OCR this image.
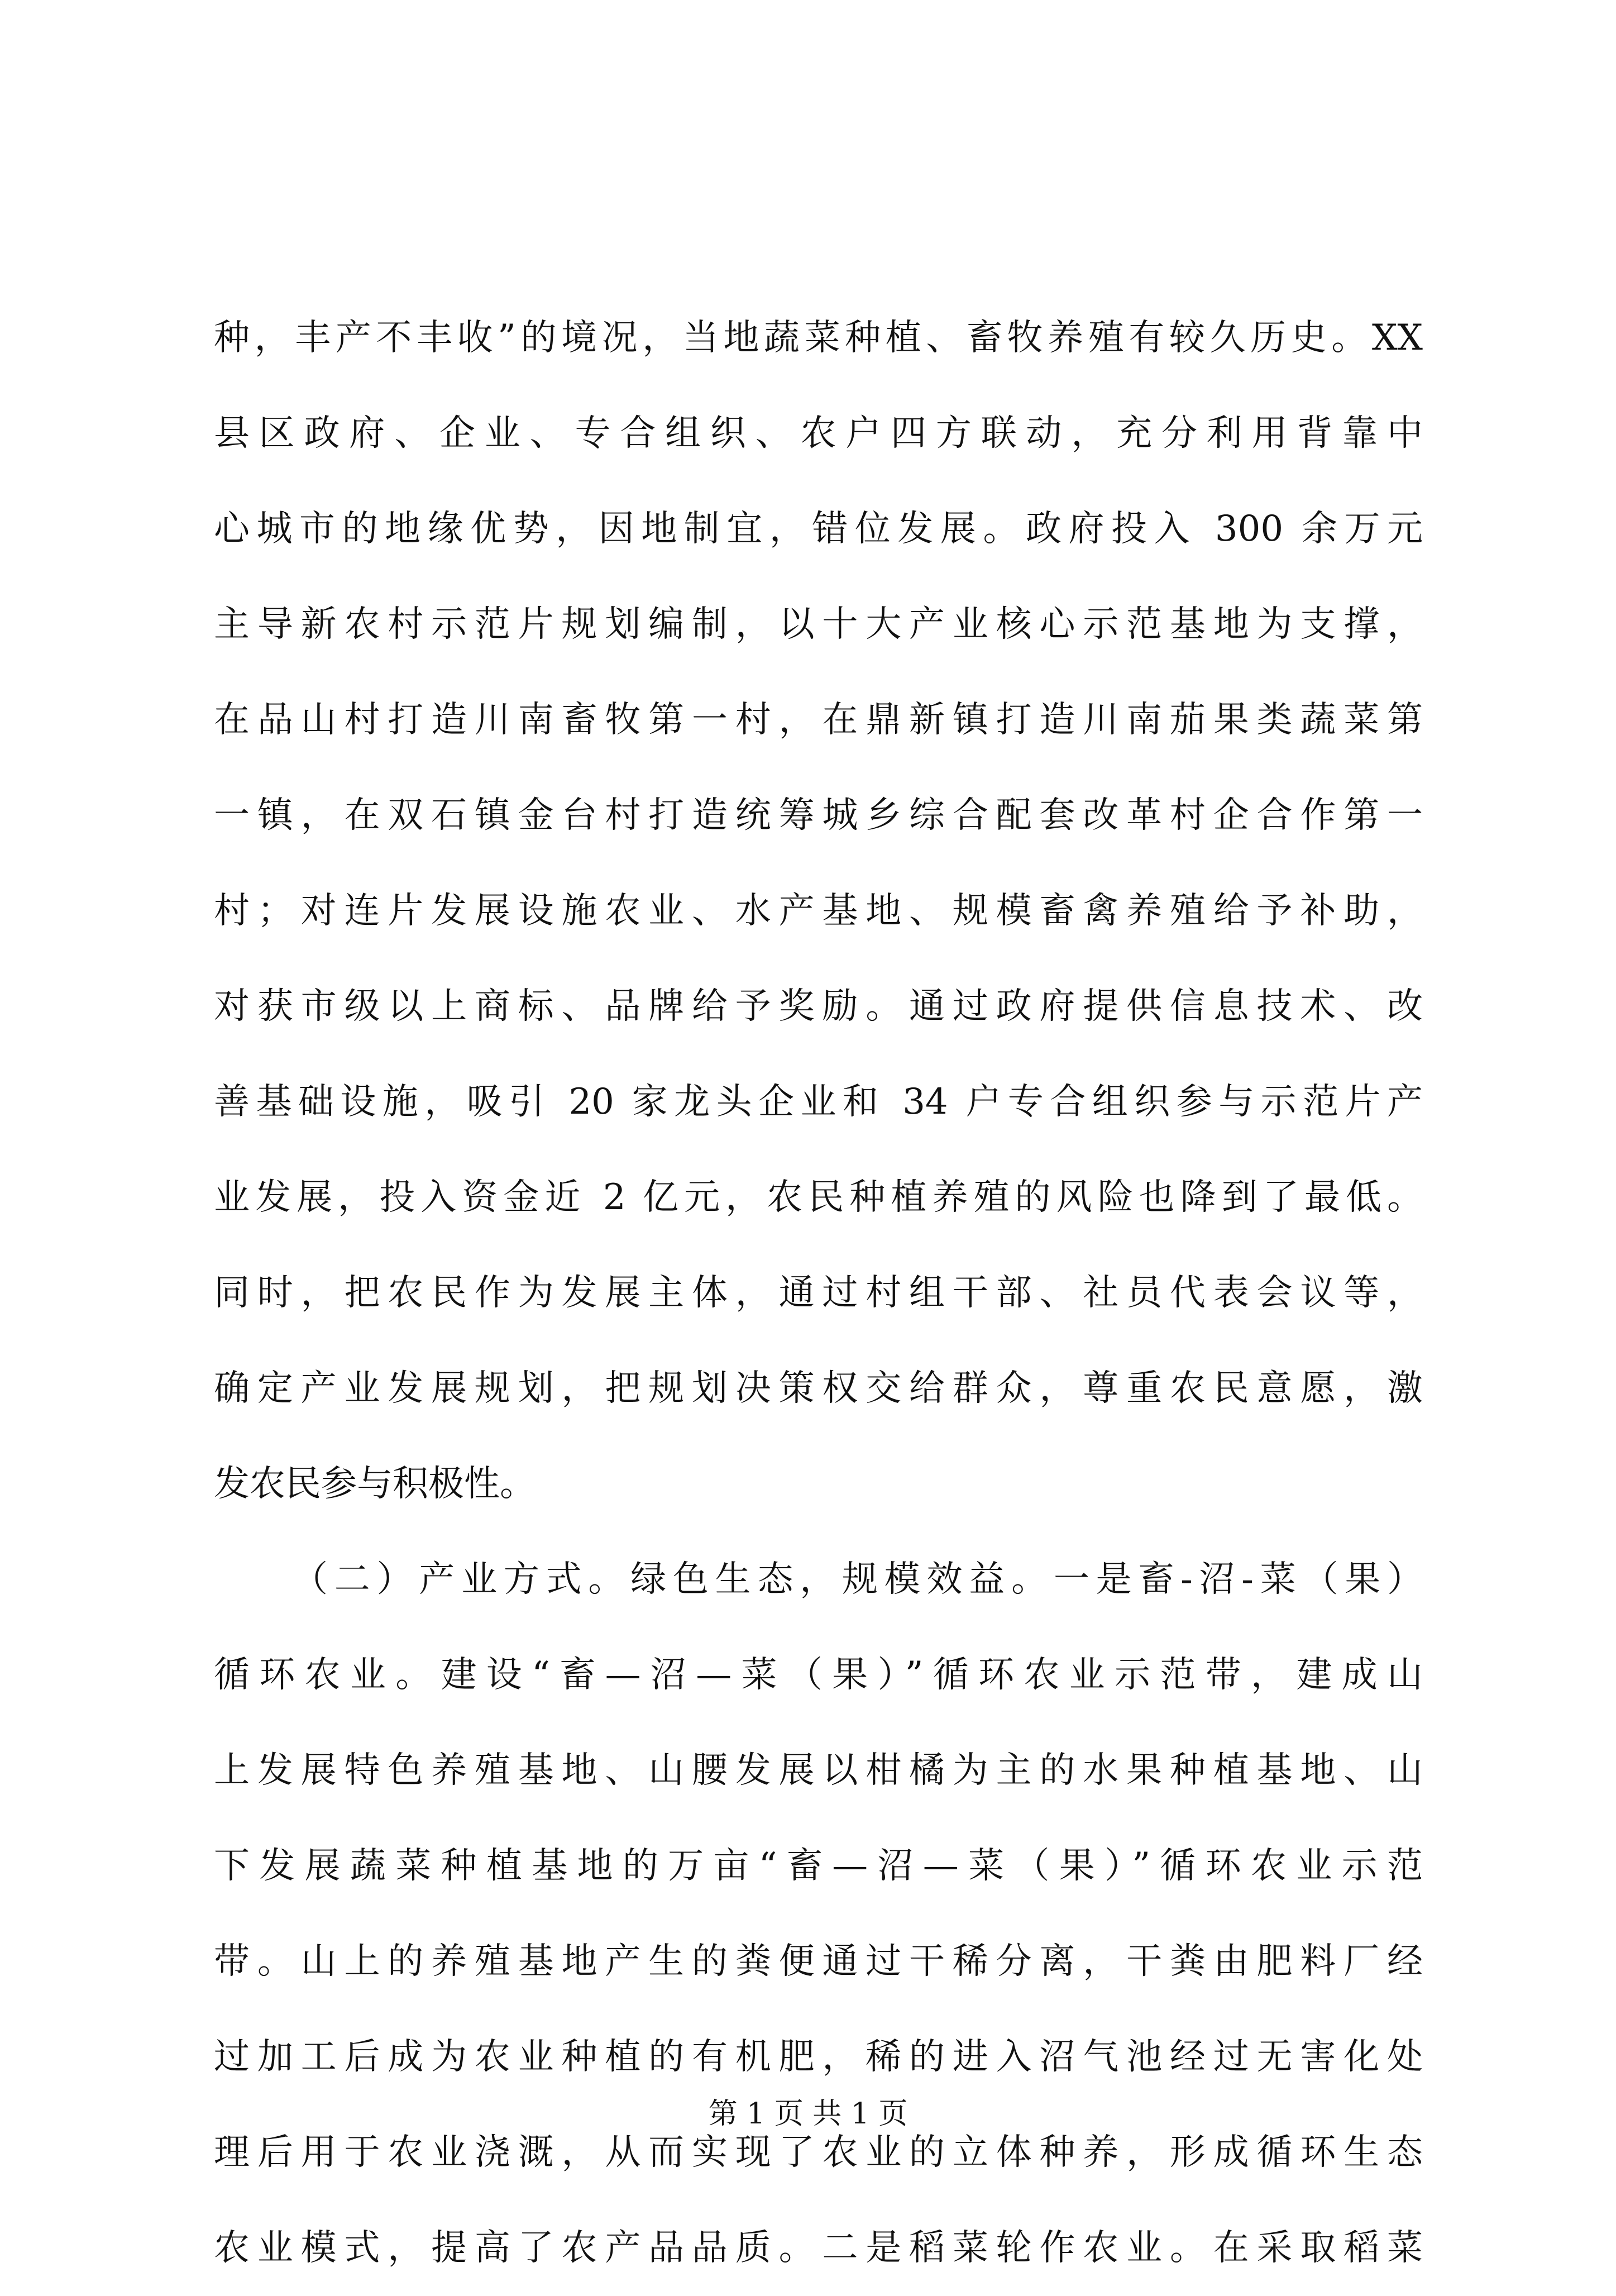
种，丰产不丰收”的境况，当地蔬菜种植、畜牧养殖有较久历史。XX
县区政府、企业、专合组织、农户四方联动，充分利用背靠中
心城市的地缘优势，因地制宜，错位发展。政府投入 300 余万元
主导新农村示范片规划编制，以十大产业核心示范基地为支撑，
在品山村打造川南畜牧第一村，在鼎新镇打造川南茄果类蔬菜第
一镇，在双石镇金台村打造统筹城乡综合配套改革村企合作第一
村；对连片发展设施农业、水产基地、规模畜禽养殖给予补助，
对获市级以上商标、品牌给予奖励。通过政府提供信息技术、改
善基础设施，吸引 20 家龙头企业和 34 户专合组织参与示范片产
业发展，投入资金近 2 亿元，农民种植养殖的风险也降到了最低。
同时，把农民作为发展主体，通过村组干部、社员代表会议等，
确定产业发展规划，把规划决策权交给群众，尊重农民意愿，激
发农民参与积极性。
（二）产业方式。绿色生态，规模效益。一是畜-沼-菜（果）
循环农业。建设“畜—沼—菜（果）”循环农业示范带，建成山
上发展特色养殖基地、山腰发展以柑橘为主的水果种植基地、山
下发展蔬菜种植基地的万亩“畜—沼—菜（果）”循环农业示范
带。山上的养殖基地产生的粪便通过干稀分离，干粪由肥料厂经
过加工后成为农业种植的有机肥，稀的进入沼气池经过无害化处
理后用于农业浇溉，从而实现了农业的立体种养，形成循环生态
农业模式，提高了农产品品质。二是稻菜轮作农业。在采取稻菜
第 1 页 共 1 页
